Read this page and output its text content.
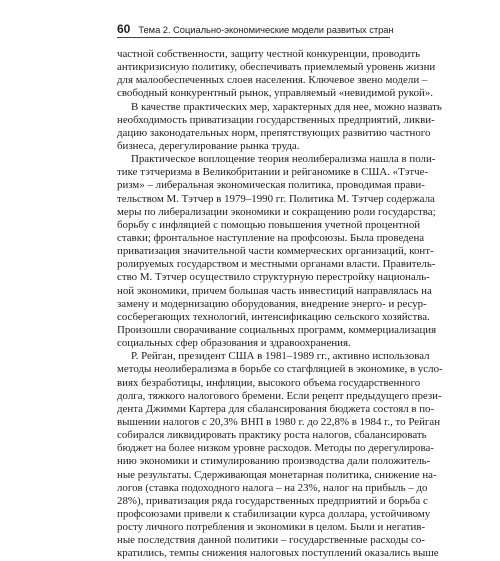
60 Тема 2. Социально-экономические модели развитых стран
частной собственности, защиту честной конкуренции, проводить
антикризисную политику, обеспечивать приемлемый уровень жизни
для малообеспеченных слоев населения. Ключевое звено модели –
свободный конкурентный рынок, управляемый «невидимой рукой».
В качестве практических мер, характерных для нее, можно назвать
необходимость приватизации государственных предприятий, ликви-
дацию законодательных норм, препятствующих развитию частного
бизнеса, дерегулирование рынка труда.
Практическое воплощение теория неолиберализма нашла в поли-
тике тэтчеризма в Великобритании и рейганомике в США. «Тэтче-
ризм» – либеральная экономическая политика, проводимая прави-
тельством М. Тэтчер в 1979–1990 гг. Политика М. Тэтчер содержала
меры по либерализации экономики и сокращению роли государства;
борьбу с инфляцией с помощью повышения учетной процентной
ставки; фронтальное наступление на профсоюзы. Была проведена
приватизация значительной части коммерческих организаций, конт-
ролируемых государством и местными органами власти. Правитель-
ство М. Тэтчер осуществило структурную перестройку националь-
ной экономики, причем большая часть инвестиций направлялась на
замену и модернизацию оборудования, внедрение энерго- и ресур-
сосберегающих технологий, интенсификацию сельского хозяйства.
Произошли сворачивание социальных программ, коммерциализация
социальных сфер образования и здравоохранения.
Р. Рейган, президент США в 1981–1989 гг., активно использовал
методы неолиберализма в борьбе со стагфляцией в экономике, в усло-
виях безработицы, инфляции, высокого объема государственного
долга, тяжкого налогового бремени. Если рецепт предыдущего прези-
дента Джимми Картера для сбалансирования бюджета состоял в по-
вышении налогов с 20,3% ВНП в 1980 г. до 22,8% в 1984 г., то Рейган
собирался ликвидировать практику роста налогов, сбалансировать
бюджет на более низком уровне расходов. Методы по дерегулирова-
нию экономики и стимулированию производства дали положитель-
ные результаты. Сдерживающая монетарная политика, снижение на-
логов (ставка подоходного налога – на 23%, налог на прибыль – до
28%), приватизация ряда государственных предприятий и борьба с
профсоюзами привели к стабилизации курса доллара, устойчивому
росту личного потребления и экономики в целом. Были и негатив-
ные последствия данной политики – государственные расходы со-
кратились, темпы снижения налоговых поступлений оказались выше
